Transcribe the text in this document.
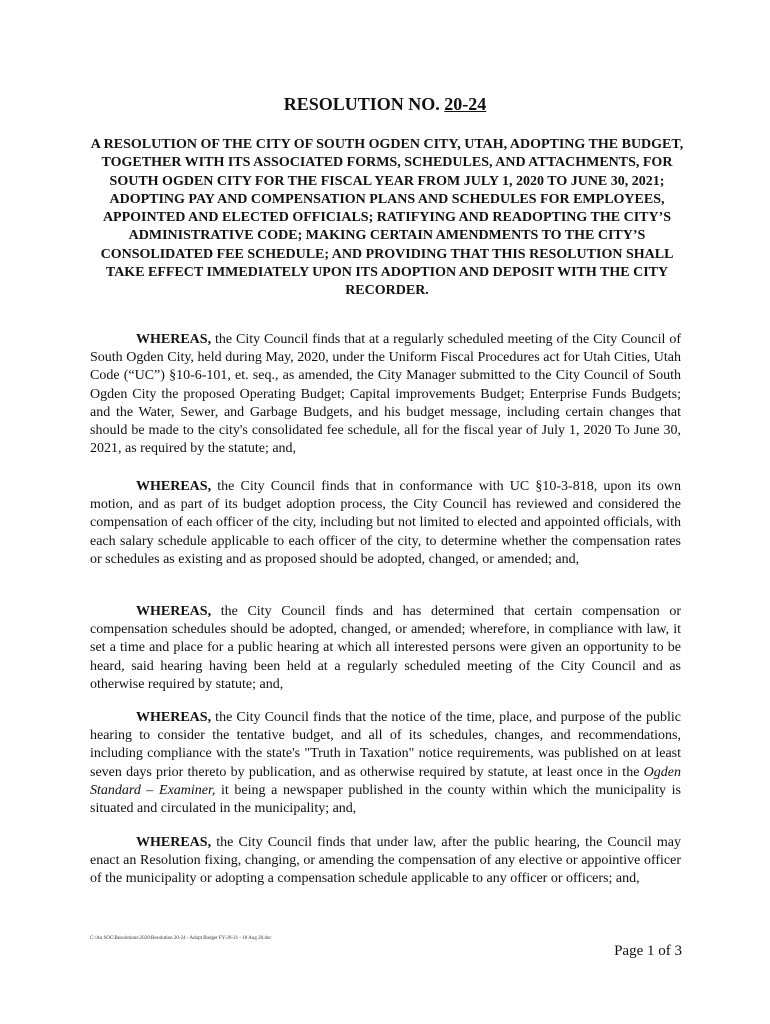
RESOLUTION NO. 20-24

A RESOLUTION OF THE CITY OF SOUTH OGDEN CITY, UTAH, ADOPTING THE BUDGET, TOGETHER WITH ITS ASSOCIATED FORMS, SCHEDULES, AND ATTACHMENTS, FOR SOUTH OGDEN CITY FOR THE FISCAL YEAR FROM JULY 1, 2020 TO JUNE 30, 2021; ADOPTING PAY AND COMPENSATION PLANS AND SCHEDULES FOR EMPLOYEES, APPOINTED AND ELECTED OFFICIALS; RATIFYING AND READOPTING THE CITY’S ADMINISTRATIVE CODE; MAKING CERTAIN AMENDMENTS TO THE CITY’S CONSOLIDATED FEE SCHEDULE; AND PROVIDING THAT THIS RESOLUTION SHALL TAKE EFFECT IMMEDIATELY UPON ITS ADOPTION AND DEPOSIT WITH THE CITY RECORDER.

WHEREAS, the City Council finds that at a regularly scheduled meeting of the City Council of South Ogden City, held during May, 2020, under the Uniform Fiscal Procedures act for Utah Cities, Utah Code (“UC”) §10-6-101, et. seq., as amended, the City Manager submitted to the City Council of South Ogden City the proposed Operating Budget; Capital improvements Budget; Enterprise Funds Budgets; and the Water, Sewer, and Garbage Budgets, and his budget message, including certain changes that should be made to the city's consolidated fee schedule, all for the fiscal year of July 1, 2020 To June 30, 2021, as required by the statute; and,

WHEREAS, the City Council finds that in conformance with UC §10-3-818, upon its own motion, and as part of its budget adoption process, the City Council has reviewed and considered the compensation of each officer of the city, including but not limited to elected and appointed officials, with each salary schedule applicable to each officer of the city, to determine whether the compensation rates or schedules as existing and as proposed should be adopted, changed, or amended; and,

WHEREAS, the City Council finds and has determined that certain compensation or compensation schedules should be adopted, changed, or amended; wherefore, in compliance with law, it set a time and place for a public hearing at which all interested persons were given an opportunity to be heard, said hearing having been held at a regularly scheduled meeting of the City Council and as otherwise required by statute; and,

WHEREAS, the City Council finds that the notice of the time, place, and purpose of the public hearing to consider the tentative budget, and all of its schedules, changes, and recommendations, including compliance with the state's "Truth in Taxation" notice requirements, was published on at least seven days prior thereto by publication, and as otherwise required by statute, at least once in the Ogden Standard – Examiner, it being a newspaper published in the county within which the municipality is situated and circulated in the municipality; and,

WHEREAS, the City Council finds that under law, after the public hearing, the Council may enact an Resolution fixing, changing, or amending the compensation of any elective or appointive officer of the municipality or adopting a compensation schedule applicable to any officer or officers; and,

C:\Au SOC\Resolutions\2020\Resolution 20-24 - Adopt Budget FY-20-21 - 18 Aug 20.doc
Page 1 of 3
